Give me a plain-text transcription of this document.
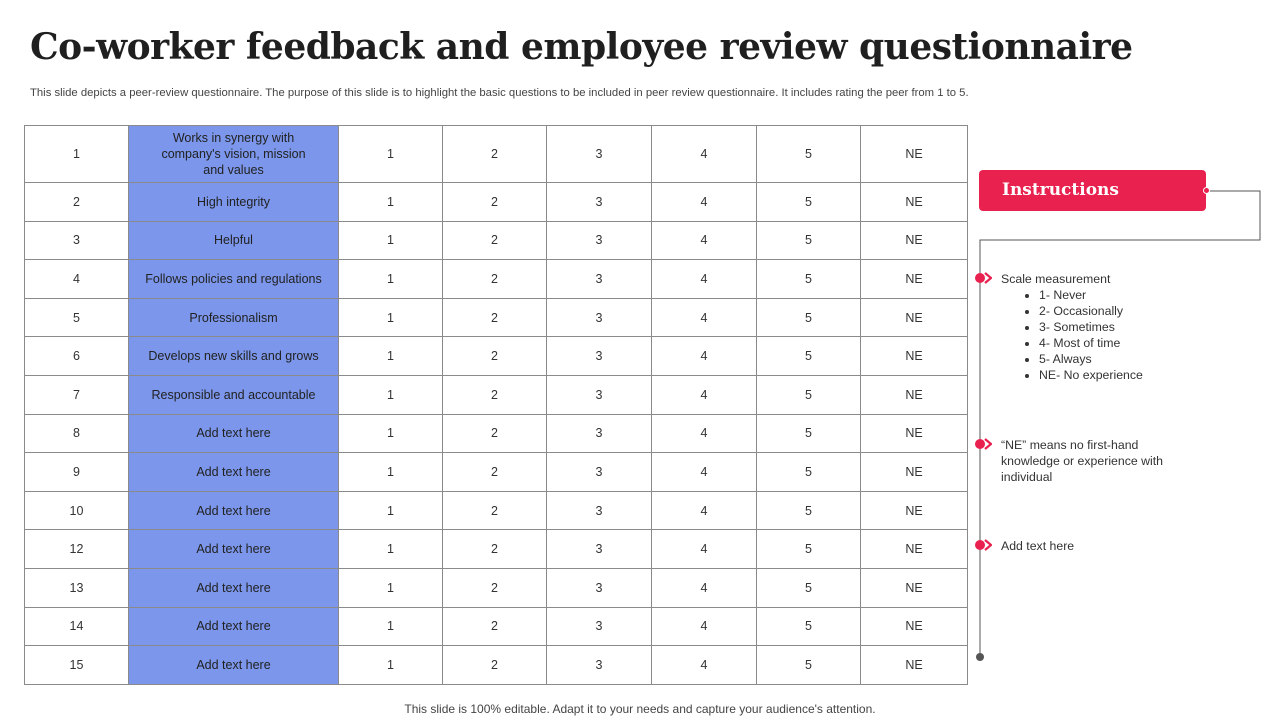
Co-worker feedback and employee review questionnaire
This slide depicts a peer-review questionnaire. The purpose of this slide is to highlight the basic questions to be included in peer review questionnaire. It includes rating the peer from 1 to 5.
1	Works in synergy with company's vision, mission and values	1	2	3	4	5	NE
2	High integrity	1	2	3	4	5	NE
3	Helpful	1	2	3	4	5	NE
4	Follows policies and regulations	1	2	3	4	5	NE
5	Professionalism	1	2	3	4	5	NE
6	Develops new skills and grows	1	2	3	4	5	NE
7	Responsible and accountable	1	2	3	4	5	NE
8	Add text here	1	2	3	4	5	NE
9	Add text here	1	2	3	4	5	NE
10	Add text here	1	2	3	4	5	NE
12	Add text here	1	2	3	4	5	NE
13	Add text here	1	2	3	4	5	NE
14	Add text here	1	2	3	4	5	NE
15	Add text here	1	2	3	4	5	NE
Instructions
Scale measurement
• 1- Never
• 2- Occasionally
• 3- Sometimes
• 4- Most of time
• 5- Always
• NE- No experience
“NE” means no first-hand knowledge or experience with individual
Add text here
This slide is 100% editable. Adapt it to your needs and capture your audience's attention.
